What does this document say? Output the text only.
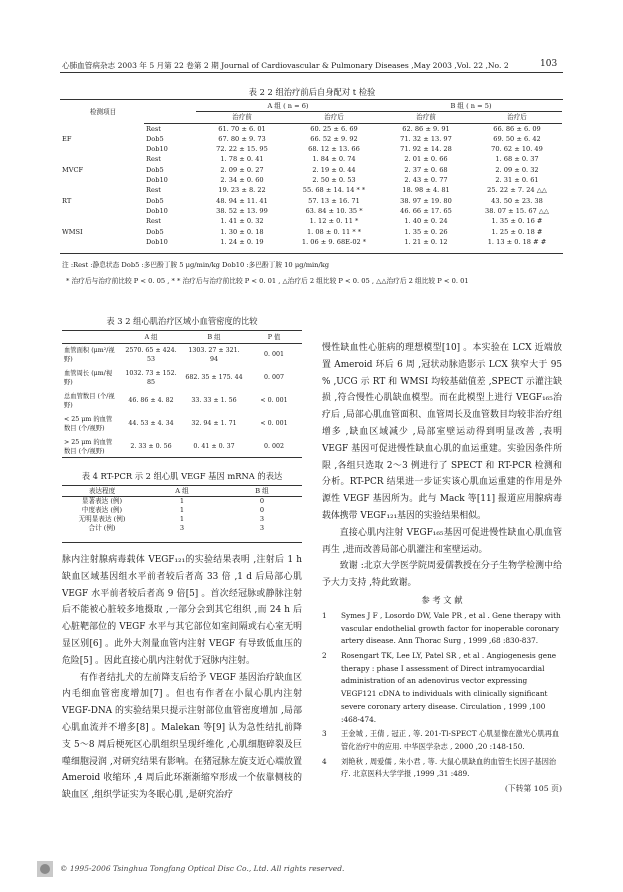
心肺血管病杂志 2003 年 5 月第 22 卷第 2 期 Journal of Cardiovascular & Pulmonary Diseases ,May 2003 ,Vol. 22 ,No. 2	103
表 2 2 组治疗前后自身配对 t 检验
检测项目		A 组 ( n = 6)		B 组 ( n = 5)	
		治疗前	治疗后	治疗前	治疗后
	Rest	61. 70 ± 6. 01	60. 25 ± 6. 69	62. 86 ± 9. 91	66. 86 ± 6. 09
EF	Dob5	67. 80 ± 9. 73	66. 52 ± 9. 92	71. 32 ± 13. 97	69. 50 ± 6. 42
	Dob10	72. 22 ± 15. 95	68. 12 ± 13. 66	71. 92 ± 14. 28	70. 62 ± 10. 49
	Rest	1. 78 ± 0. 41	1. 84 ± 0. 74	2. 01 ± 0. 66	1. 68 ± 0. 37
MVCF	Dob5	2. 09 ± 0. 27	2. 19 ± 0. 44	2. 37 ± 0. 68	2. 09 ± 0. 32
	Dob10	2. 34 ± 0. 60	2. 50 ± 0. 53	2. 43 ± 0. 77	2. 31 ± 0. 61
	Rest	19. 23 ± 8. 22	55. 68 ± 14. 14 * *	18. 98 ± 4. 81	25. 22 ± 7. 24 △△
RT	Dob5	48. 94 ± 11. 41	57. 13 ± 16. 71	38. 97 ± 19. 80	43. 50 ± 23. 38
	Dob10	38. 52 ± 13. 99	63. 84 ± 10. 35 *	46. 66 ± 17. 65	38. 07 ± 15. 67 △△
	Rest	1. 41 ± 0. 32	1. 12 ± 0. 11 *	1. 40 ± 0. 24	1. 35 ± 0. 16 #
WMSI	Dob5	1. 30 ± 0. 18	1. 08 ± 0. 11 * *	1. 35 ± 0. 26	1. 25 ± 0. 18 #
	Dob10	1. 24 ± 0. 19	1. 06 ± 9. 68E-02 *	1. 21 ± 0. 12	1. 13 ± 0. 18 # #
注 :Rest :静息状态 Dob5 :多巴酚丁胺 5 μg/min/kg Dob10 :多巴酚丁胺 10 μg/min/kg
* 治疗后与治疗前比较 P < 0. 05 , * * 治疗后与治疗前比较 P < 0. 01 , △治疗后 2 组比较 P < 0. 05 , △△治疗后 2 组比较 P < 0. 01
表 3 2 组心肌治疗区域小血管密度的比较
	A 组	B 组	P 值
血管面积 (μm²/视野)	2570. 65 ± 424. 53	1303. 27 ± 321. 94	0. 001
血管周长 (μm/视野)	1032. 73 ± 152. 85	682. 35 ± 175. 44	0. 007
总血管数目 (个/视野)	46. 86 ± 4. 82	33. 33 ± 1. 56	< 0. 001
< 25 μm 的血管数目 (个/视野)	44. 53 ± 4. 34	32. 94 ± 1. 71	< 0. 001
> 25 μm 的血管数目 (个/视野)	2. 33 ± 0. 56	0. 41 ± 0. 37	0. 002
表 4 RT-PCR 示 2 组心肌 VEGF 基因 mRNA 的表达
表达程度	A 组	B 组
显著表达 (例)	1	0
中度表达 (例)	1	0
无明显表达 (例)	1	3
合计 (例)	3	3

脉内注射腺病毒载体 VEGF₁₂₁的实验结果表明 ,注射后 1 h 缺血区域基因组水平前者较后者高 33 倍 ,1 d 后局部心肌 VEGF 水平前者较后者高 9 倍[5] 。首次经冠脉或静脉注射后不能被心脏较多地摄取 ,一部分会到其它组织 ,而 24 h 后心脏靶部位的 VEGF 水平与其它部位如室间隔或右心室无明显区别[6] 。此外大剂量血管内注射 VEGF 有导致低血压的危险[5] 。因此直接心肌内注射优于冠脉内注射。

有作者结扎犬的左前降支后给予 VEGF 基因治疗缺血区内毛细血管密度增加[7] 。但也有作者在小鼠心肌内注射 VEGF-DNA 的实验结果只提示注射部位血管密度增加 ,局部心肌血流并不增多[8] 。Malekan 等[9] 认为急性结扎前降支 5～8 周后梗死区心肌组织呈现纤维化 ,心肌细胞碎裂及巨噬细胞浸润 ,对研究结果有影响。在猪冠脉左旋支近心端放置 Ameroid 收缩环 ,4 周后此环渐渐缩窄形成一个依靠侧枝的缺血区 ,组织学证实为冬眠心肌 ,是研究治疗

慢性缺血性心脏病的理想模型[10] 。本实验在 LCX 近端放置 Ameroid 环后 6 周 ,冠状动脉造影示 LCX 狭窄大于 95 % ,UCG 示 RT 和 WMSI 均较基础值差 ,SPECT 示灌注缺损 ,符合慢性心肌缺血模型。而在此模型上进行 VEGF₁₆₅治疗后 ,局部心肌血管面积、血管周长及血管数目均较非治疗组增多 ,缺血区域减少 ,局部室壁运动得到明显改善 ,表明 VEGF 基因可促进慢性缺血心肌的血运重建。实验因条件所限 ,各组只选取 2～3 例进行了 SPECT 和 RT-PCR 检测和分析。RT-PCR 结果进一步证实该心肌血运重建的作用是外源性 VEGF 基因所为。此与 Mack 等[11] 报道应用腺病毒载体携带 VEGF₁₂₁基因的实验结果相似。

直接心肌内注射 VEGF₁₆₅基因可促进慢性缺血心肌血管再生 ,进而改善局部心肌灌注和室壁运动。

致谢 :北京大学医学院周爱儒教授在分子生物学检测中给予大力支持 ,特此致谢。

参 考 文 献
1 Symes J F , Losordo DW, Vale PR , et al . Gene therapy with vascular endothelial growth factor for inoperable coronary artery disease. Ann Thorac Surg , 1999 ,68 :830-837.
2 Rosengart TK, Lee LY, Patel SR , et al . Angiogenesis gene therapy : phase I assessment of Direct intramyocardial administration of an adenovirus vector expressing VEGF121 cDNA to individuals with clinically significant severe coronary artery disease. Circulation , 1999 ,100 :468-474.
3 王金城 , 王倩 , 冠正 , 等. 201-Tl-SPECT 心肌显像在激光心肌再血管化治疗中的应用. 中华医学杂志 , 2000 ,20 :148-150.
4 刘艳秋 , 周爱儒 , 朱小君 , 等. 大鼠心肌缺血的血管生长因子基因治疗. 北京医科大学学报 ,1999 ,31 :489.
(下转第 105 页)
© 1995-2006 Tsinghua Tongfang Optical Disc Co., Ltd. All rights reserved.
